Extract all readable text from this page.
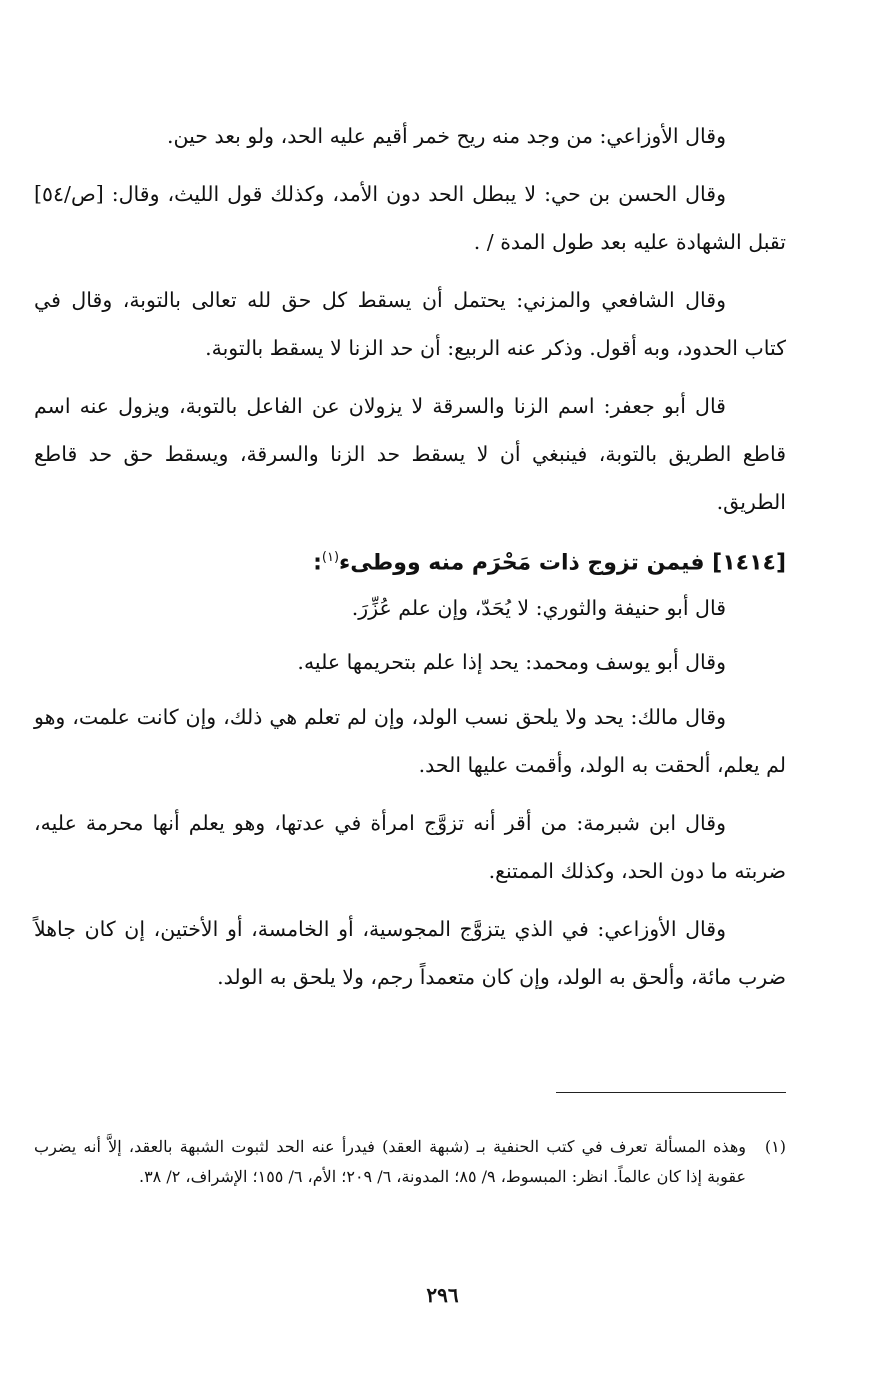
وقال الأوزاعي: من وجد منه ريح خمر أقيم عليه الحد، ولو بعد حين.

وقال الحسن بن حي: لا يبطل الحد دون الأمد، وكذلك قول الليث، وقال: [ص/٥٤] تقبل الشهادة عليه بعد طول المدة / .

وقال الشافعي والمزني: يحتمل أن يسقط كل حق لله تعالى بالتوبة، وقال في كتاب الحدود، وبه أقول. وذكر عنه الربيع: أن حد الزنا لا يسقط بالتوبة.

قال أبو جعفر: اسم الزنا والسرقة لا يزولان عن الفاعل بالتوبة، ويزول عنه اسم قاطع الطريق بالتوبة، فينبغي أن لا يسقط حد الزنا والسرقة، ويسقط حق حد قاطع الطريق.

[١٤١٤] فيمن تزوج ذات مَحْرَم منه ووطىء$^{(١)}$:

قال أبو حنيفة والثوري: لا يُحَدّ، وإن علم عُزِّرَ.

وقال أبو يوسف ومحمد: يحد إذا علم بتحريمها عليه.

وقال مالك: يحد ولا يلحق نسب الولد، وإن لم تعلم هي ذلك، وإن كانت علمت، وهو لم يعلم، ألحقت به الولد، وأقمت عليها الحد.

وقال ابن شبرمة: من أقر أنه تزوَّج امرأة في عدتها، وهو يعلم أنها محرمة عليه، ضربته ما دون الحد، وكذلك الممتنع.

وقال الأوزاعي: في الذي يتزوَّج المجوسية، أو الخامسة، أو الأختين، إن كان جاهلاً ضرب مائة، وألحق به الولد، وإن كان متعمداً رجم، ولا يلحق به الولد.

(١)
وهذه المسألة تعرف في كتب الحنفية بـ (شبهة العقد) فيدرأ عنه الحد لثبوت الشبهة بالعقد، إلاَّ أنه يضرب عقوبة إذا كان عالماً. انظر: المبسوط، ٩/ ٨٥؛ المدونة، ٦/ ٢٠٩؛ الأم، ٦/ ١٥٥؛ الإشراف، ٢/ ٣٨.
٢٩٦
